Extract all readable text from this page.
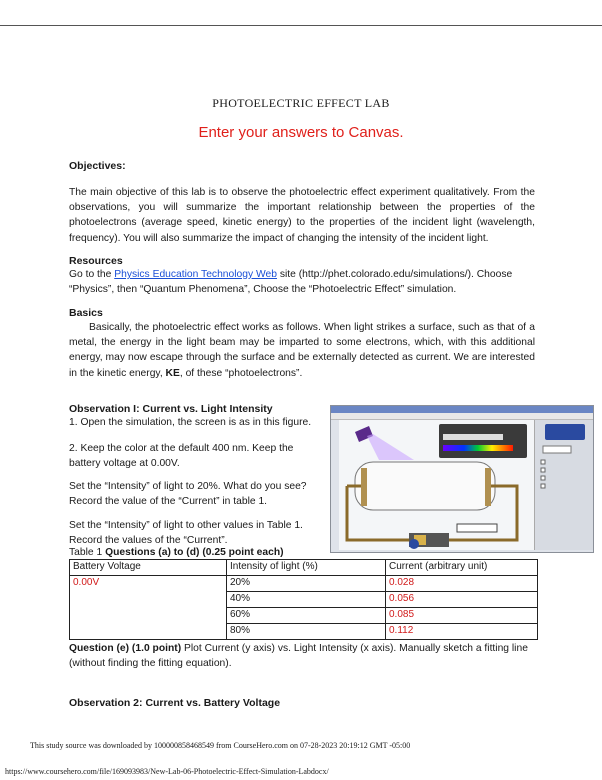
PHOTOELECTRIC EFFECT LAB
Enter your answers to Canvas.
Objectives:
The main objective of this lab is to observe the photoelectric effect experiment qualitatively. From the observations, you will summarize the important relationship between the properties of the photoelectrons (average speed, kinetic energy) to the properties of the incident light (wavelength, frequency). You will also summarize the impact of changing the intensity of the incident light.
Resources
Go to the Physics Education Technology Web site (http://phet.colorado.edu/simulations/). Choose “Physics”, then “Quantum Phenomena”, Choose the “Photoelectric Effect” simulation.
Basics
Basically, the photoelectric effect works as follows. When light strikes a surface, such as that of a metal, the energy in the light beam may be imparted to some electrons, which, with this additional energy, may now escape through the surface and be externally detected as current. We are interested in the kinetic energy, KE, of these “photoelectrons”.
Observation I: Current vs. Light Intensity
1. Open the simulation, the screen is as in this figure.
2. Keep the color at the default 400 nm. Keep the battery voltage at 0.00V.
Set the “Intensity” of light to 20%. What do you see? Record the value of the “Current” in table 1.
Set the “Intensity” of light to other values in Table 1. Record the values of the “Current”.
Table 1 Questions (a) to (d) (0.25 point each)
Battery Voltage	Intensity of light (%)	Current (arbitrary unit)
0.00V	20%	0.028
	40%	0.056
	60%	0.085
	80%	0.112
Question (e) (1.0 point) Plot Current (y axis) vs. Light Intensity (x axis). Manually sketch a fitting line (without finding the fitting equation).
Observation 2: Current vs. Battery Voltage
This study source was downloaded by 100000858468549 from CourseHero.com on 07-28-2023 20:19:12 GMT -05:00
https://www.coursehero.com/file/169093983/New-Lab-06-Photoelectric-Effect-Simulation-Labdocx/
